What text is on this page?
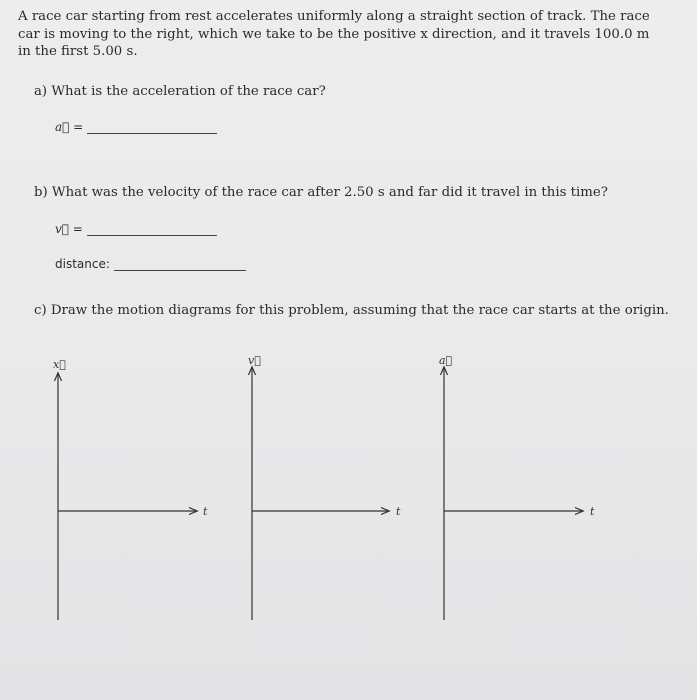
A race car starting from rest accelerates uniformly along a straight section of track. The race car is moving to the right, which we take to be the positive x direction, and it travels 100.0 m in the first 5.00 s.
a) What is the acceleration of the race car?
a⃗ =
b) What was the velocity of the race car after 2.50 s and far did it travel in this time?
v⃗ =
distance:
c) Draw the motion diagrams for this problem, assuming that the race car starts at the origin.
x⃗
t
v⃗
t
a⃗
t
